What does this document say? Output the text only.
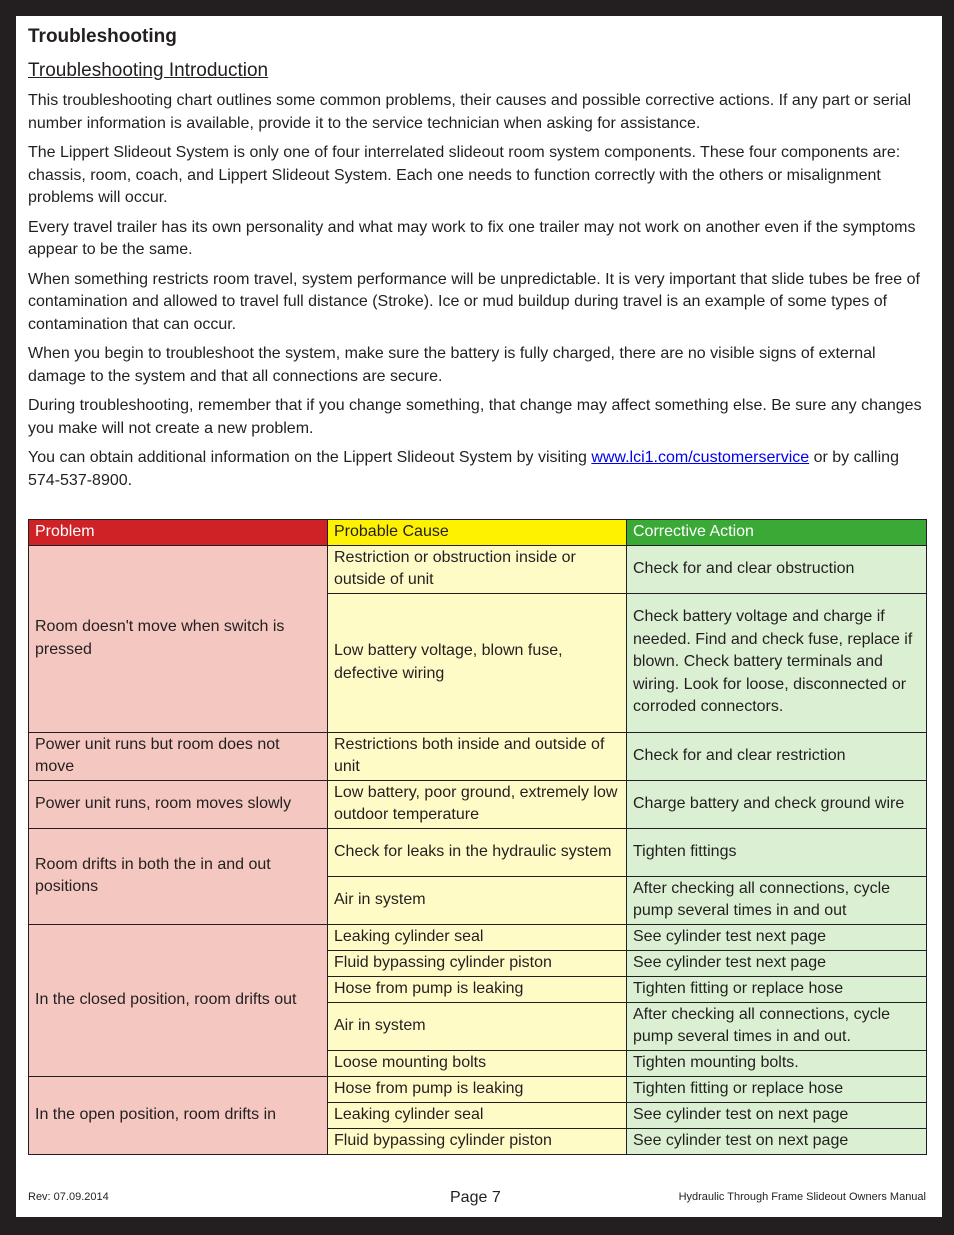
Troubleshooting
Troubleshooting Introduction

This troubleshooting chart outlines some common problems, their causes and possible corrective actions. If any part or serial number information is available, provide it to the service technician when asking for assistance.

The Lippert Slideout System is only one of four interrelated slideout room system components. These four components are: chassis, room, coach, and Lippert Slideout System. Each one needs to function correctly with the others or misalignment problems will occur.

Every travel trailer has its own personality and what may work to fix one trailer may not work on another even if the symptoms appear to be the same.

When something restricts room travel, system performance will be unpredictable. It is very important that slide tubes be free of contamination and allowed to travel full distance (Stroke). Ice or mud buildup during travel is an example of some types of contamination that can occur.

When you begin to troubleshoot the system, make sure the battery is fully charged, there are no visible signs of external damage to the system and that all connections are secure.

During troubleshooting, remember that if you change something, that change may affect something else. Be sure any changes you make will not create a new problem.

You can obtain additional information on the Lippert Slideout System by visiting www.lci1.com/customerservice or by calling 574-537-8900.

Problem	Probable Cause	Corrective Action
Room doesn't move when switch is pressed	Restriction or obstruction inside or outside of unit	Check for and clear obstruction
	Low battery voltage, blown fuse, defective wiring	Check battery voltage and charge if needed. Find and check fuse, replace if blown. Check battery terminals and wiring. Look for loose, disconnected or corroded connectors.
Power unit runs but room does not move	Restrictions both inside and outside of unit	Check for and clear restriction
Power unit runs, room moves slowly	Low battery, poor ground, extremely low outdoor temperature	Charge battery and check ground wire
Room drifts in both the in and out positions	Check for leaks in the hydraulic system	Tighten fittings
	Air in system	After checking all connections, cycle pump several times in and out
In the closed position, room drifts out	Leaking cylinder seal	See cylinder test next page
	Fluid bypassing cylinder piston	See cylinder test next page
	Hose from pump is leaking	Tighten fitting or replace hose
	Air in system	After checking all connections, cycle pump several times in and out.
	Loose mounting bolts	Tighten mounting bolts.
In the open position, room drifts in	Hose from pump is leaking	Tighten fitting or replace hose
	Leaking cylinder seal	See cylinder test on next page
	Fluid bypassing cylinder piston	See cylinder test on next page
Rev: 07.09.2014	Page 7	Hydraulic Through Frame Slideout Owners Manual
